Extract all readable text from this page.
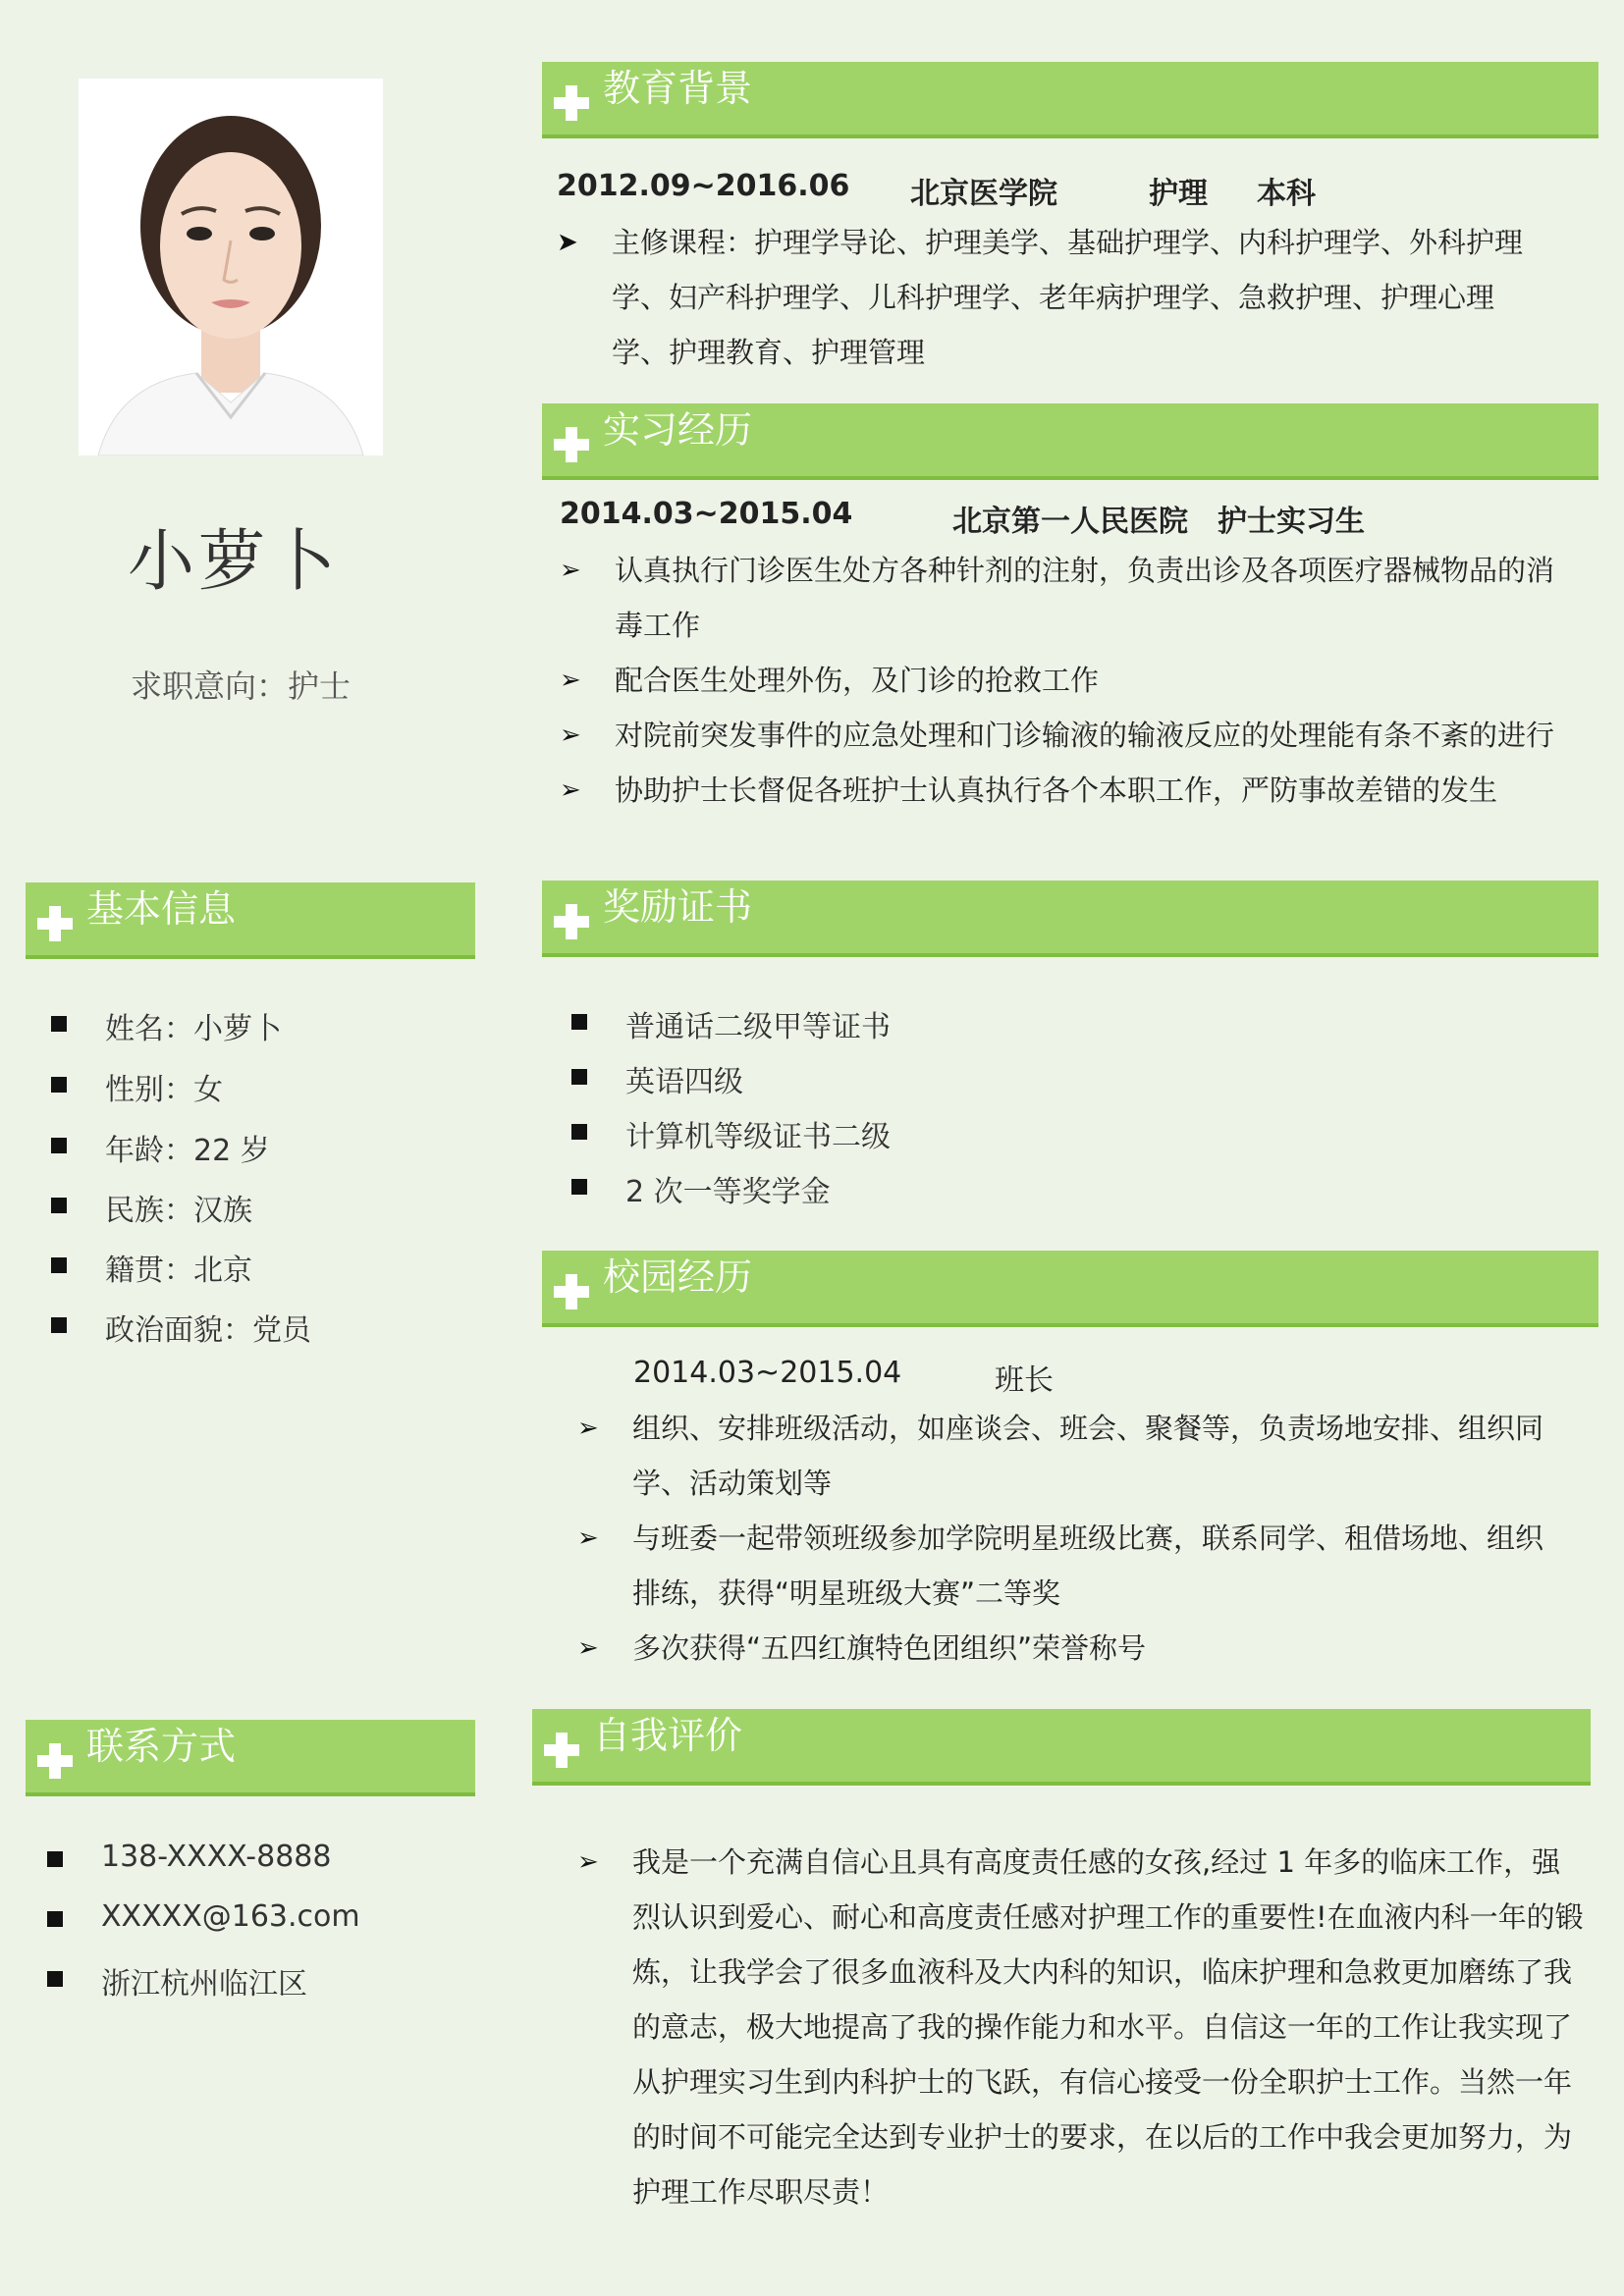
小萝卜
求职意向：护士
教育背景
2012.09~2016.06 北京医学院	护理 本科
➤	主修课程：护理学导论、护理美学、基础护理学、内科护理学、外科护理学、妇产科护理学、儿科护理学、老年病护理学、急救护理、护理心理学、护理教育、护理管理
实习经历
2014.03~2015.04	北京第一人民医院 护士实习生
➢	认真执行门诊医生处方各种针剂的注射，负责出诊及各项医疗器械物品的消毒工作
➢	配合医生处理外伤，及门诊的抢救工作
➢	对院前突发事件的应急处理和门诊输液的输液反应的处理能有条不紊的进行
➢	协助护士长督促各班护士认真执行各个本职工作，严防事故差错的发生
基本信息
姓名：小萝卜
性别：女
年龄：22 岁
民族：汉族
籍贯：北京
政治面貌：党员
奖励证书
普通话二级甲等证书
英语四级
计算机等级证书二级
2 次一等奖学金
校园经历
2014.03~2015.04	班长
➢	组织、安排班级活动，如座谈会、班会、聚餐等，负责场地安排、组织同学、活动策划等
➢	与班委一起带领班级参加学院明星班级比赛，联系同学、租借场地、组织排练，获得“明星班级大赛”二等奖
➢	多次获得“五四红旗特色团组织”荣誉称号
联系方式
138-XXXX-8888
XXXXX@163.com
浙江杭州临江区
自我评价
➢	我是一个充满自信心且具有高度责任感的女孩,经过 1 年多的临床工作，强烈认识到爱心、耐心和高度责任感对护理工作的重要性!在血液内科一年的锻炼，让我学会了很多血液科及大内科的知识，临床护理和急救更加磨练了我的意志，极大地提高了我的操作能力和水平。自信这一年的工作让我实现了从护理实习生到内科护士的飞跃，有信心接受一份全职护士工作。当然一年的时间不可能完全达到专业护士的要求，在以后的工作中我会更加努力，为护理工作尽职尽责！
